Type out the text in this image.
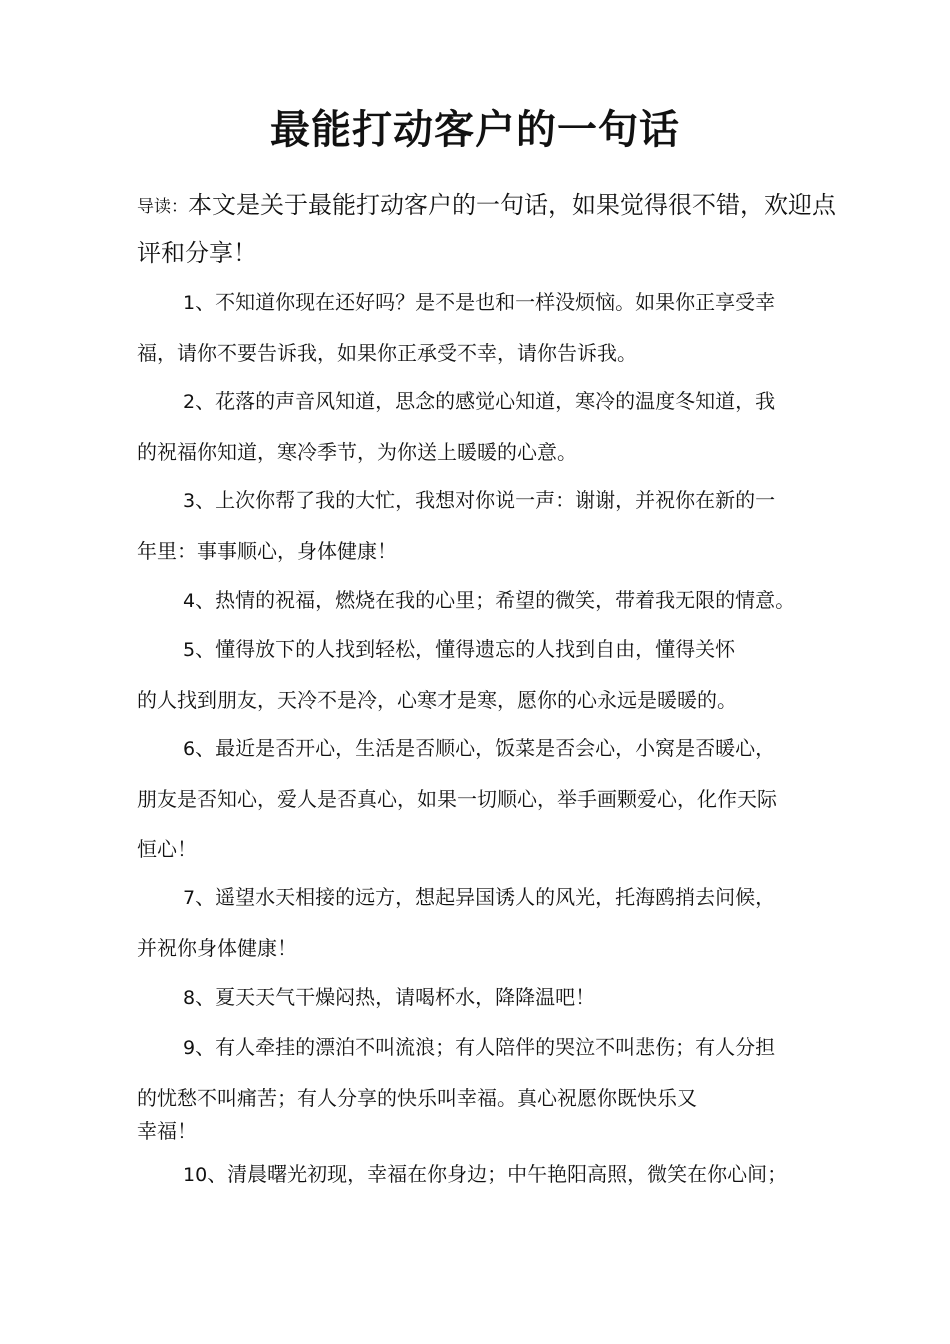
最能打动客户的一句话

导读：本文是关于最能打动客户的一句话，如果觉得很不错，欢迎点评和分享！

1、不知道你现在还好吗？是不是也和一样没烦恼。如果你正享受幸
福，请你不要告诉我，如果你正承受不幸，请你告诉我。

2、花落的声音风知道，思念的感觉心知道，寒冷的温度冬知道，我
的祝福你知道，寒冷季节，为你送上暖暖的心意。

3、上次你帮了我的大忙，我想对你说一声：谢谢，并祝你在新的一
年里：事事顺心，身体健康！

4、热情的祝福，燃烧在我的心里；希望的微笑，带着我无限的情意。

5、懂得放下的人找到轻松，懂得遗忘的人找到自由，懂得关怀
的人找到朋友，天冷不是冷，心寒才是寒，愿你的心永远是暖暖的。

6、最近是否开心，生活是否顺心，饭菜是否会心，小窝是否暖心，
朋友是否知心，爱人是否真心，如果一切顺心，举手画颗爱心，化作天际
恒心！

7、遥望水天相接的远方，想起异国诱人的风光，托海鸥捎去问候，
并祝你身体健康！

8、夏天天气干燥闷热，请喝杯水，降降温吧！

9、有人牵挂的漂泊不叫流浪；有人陪伴的哭泣不叫悲伤；有人分担
的忧愁不叫痛苦；有人分享的快乐叫幸福。真心祝愿你既快乐又
幸福！

10、清晨曙光初现，幸福在你身边；中午艳阳高照，微笑在你心间；
